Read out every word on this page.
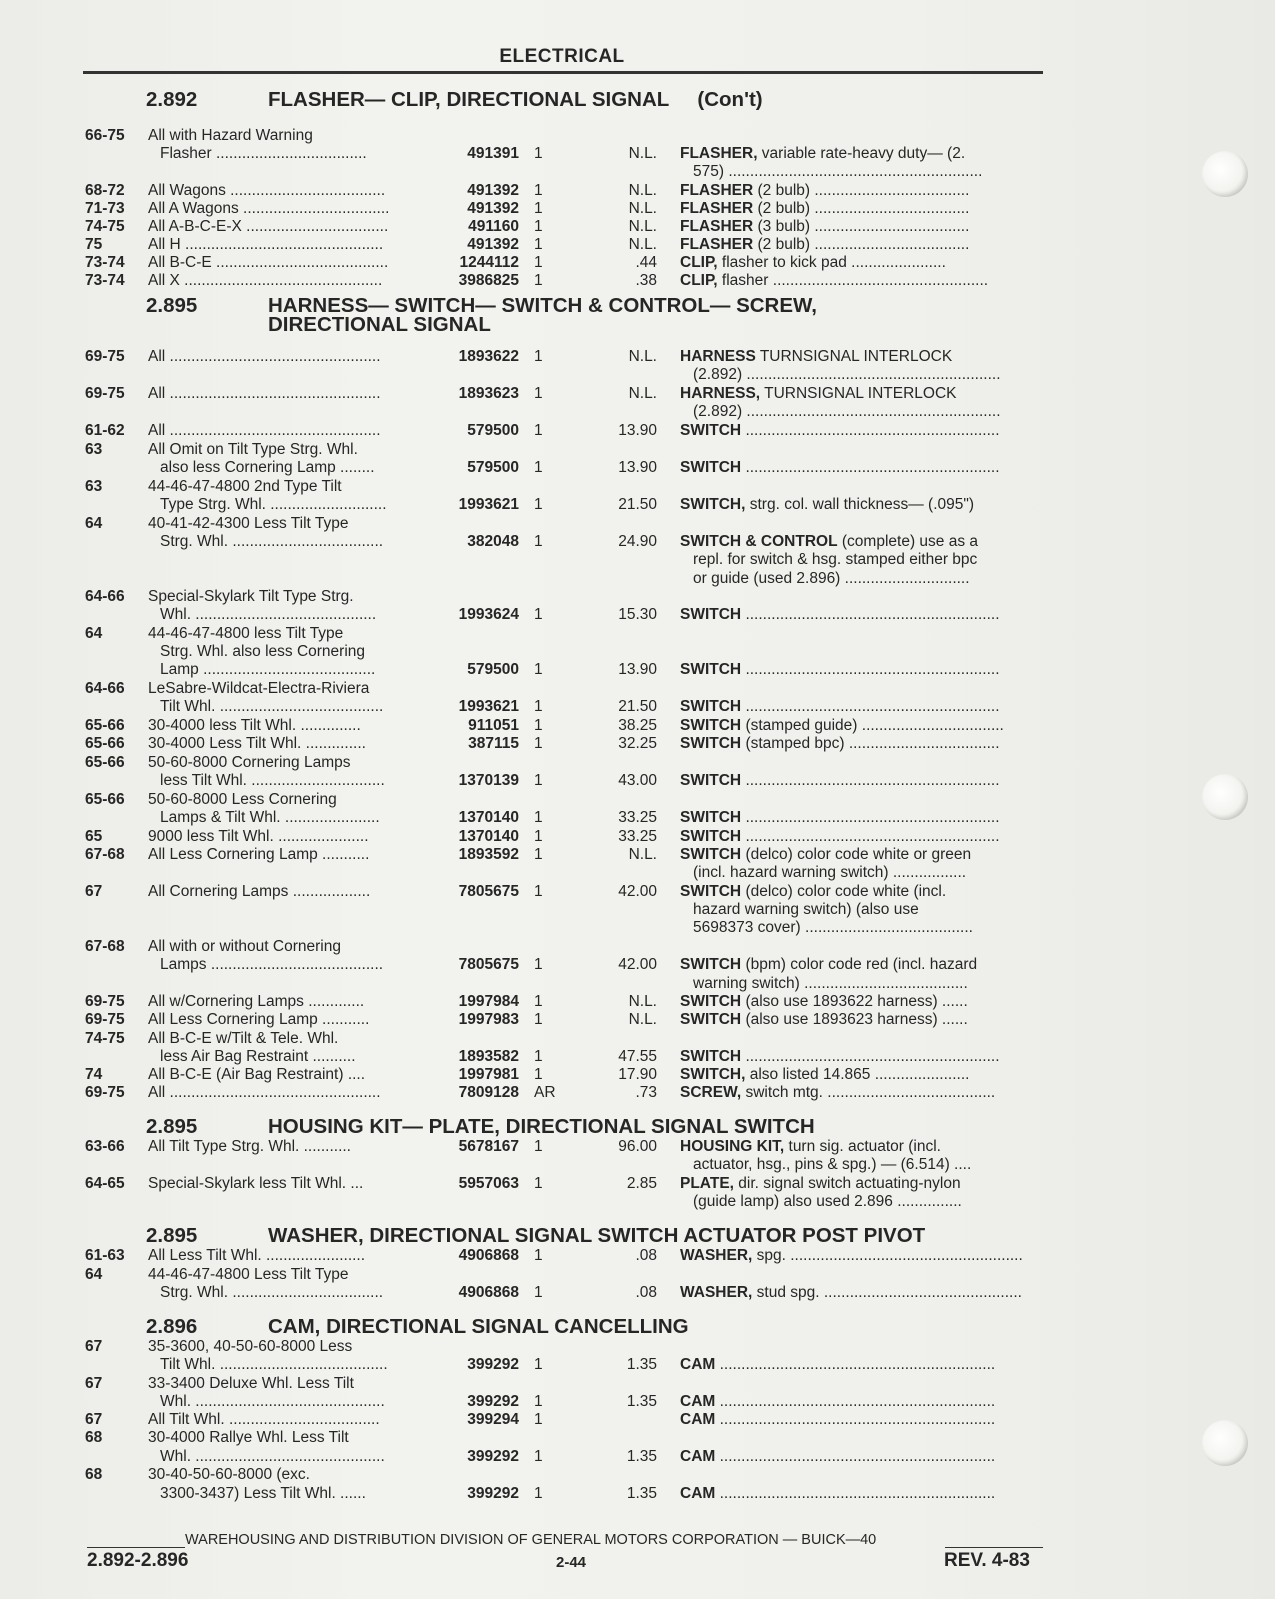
ELECTRICAL
2.892	FLASHER— CLIP, DIRECTIONAL SIGNAL     (Con't)
2.895	HARNESS— SWITCH— SWITCH & CONTROL— SCREW,
DIRECTIONAL SIGNAL
2.895	HOUSING KIT— PLATE, DIRECTIONAL SIGNAL SWITCH
2.895	WASHER, DIRECTIONAL SIGNAL SWITCH ACTUATOR POST PIVOT
2.896	CAM, DIRECTIONAL SIGNAL CANCELLING
66-75 All with Hazard Warning
Flasher ...................................	491391 1	N.L. FLASHER, variable rate-heavy duty— (2.
575) ...........................................................
68-72 All Wagons ....................................	491392 1	N.L. FLASHER (2 bulb) ....................................
71-73 All A Wagons ..................................	491392 1	N.L. FLASHER (2 bulb) ....................................
74-75 All A-B-C-E-X .................................	491160 1	N.L. FLASHER (3 bulb) ....................................
75	All H ..............................................	491392 1	N.L. FLASHER (2 bulb) ....................................
73-74 All B-C-E ........................................	1244112 1	.44 CLIP, flasher to kick pad ......................
73-74 All X ..............................................	3986825 1	.38 CLIP, flasher ..................................................
69-75 All .................................................	1893622 1	N.L. HARNESS TURNSIGNAL INTERLOCK
(2.892) ...........................................................
69-75 All .................................................	1893623 1	N.L. HARNESS, TURNSIGNAL INTERLOCK
(2.892) ...........................................................
61-62 All .................................................	579500 1	13.90 SWITCH ...........................................................
63	All Omit on Tilt Type Strg. Whl.
also less Cornering Lamp ........	579500 1	13.90 SWITCH ...........................................................
63	44-46-47-4800 2nd Type Tilt
Type Strg. Whl. ...........................	1993621 1	21.50 SWITCH, strg. col. wall thickness— (.095")
64	40-41-42-4300 Less Tilt Type
Strg. Whl. ...................................	382048 1	24.90 SWITCH & CONTROL (complete) use as a
repl. for switch & hsg. stamped either bpc
or guide (used 2.896) .............................
64-66 Special-Skylark Tilt Type Strg.
Whl. ..........................................	1993624 1	15.30 SWITCH ...........................................................
64	44-46-47-4800 less Tilt Type
Strg. Whl. also less Cornering
Lamp ........................................	579500 1	13.90 SWITCH ...........................................................
64-66 LeSabre-Wildcat-Electra-Riviera
Tilt Whl. ......................................	1993621 1	21.50 SWITCH ...........................................................
65-66 30-4000 less Tilt Whl. ..............	911051 1	38.25 SWITCH (stamped guide) .................................
65-66 30-4000 Less Tilt Whl. ..............	387115 1	32.25 SWITCH (stamped bpc) ...................................
65-66 50-60-8000 Cornering Lamps
less Tilt Whl. ...............................	1370139 1	43.00 SWITCH ...........................................................
65-66 50-60-8000 Less Cornering
Lamps & Tilt Whl. ......................	1370140 1	33.25 SWITCH ...........................................................
65	9000 less Tilt Whl. .....................	1370140 1	33.25 SWITCH ...........................................................
67-68 All Less Cornering Lamp ...........	1893592 1	N.L. SWITCH (delco) color code white or green
(incl. hazard warning switch) .................
67	All Cornering Lamps ..................	7805675 1	42.00 SWITCH (delco) color code white (incl.
hazard warning switch) (also use
5698373 cover) .......................................
67-68 All with or without Cornering
Lamps ........................................	7805675 1	42.00 SWITCH (bpm) color code red (incl. hazard
warning switch) ......................................
69-75 All w/Cornering Lamps .............	1997984 1	N.L. SWITCH (also use 1893622 harness) ......
69-75 All Less Cornering Lamp ...........	1997983 1	N.L. SWITCH (also use 1893623 harness) ......
74-75 All B-C-E w/Tilt & Tele. Whl.
less Air Bag Restraint ..........	1893582 1	47.55 SWITCH ...........................................................
74	All B-C-E (Air Bag Restraint) ....	1997981 1	17.90 SWITCH, also listed 14.865 ......................
69-75 All .................................................	7809128 AR	.73 SCREW, switch mtg. .......................................
63-66 All Tilt Type Strg. Whl. ...........	5678167 1	96.00 HOUSING KIT, turn sig. actuator (incl.
actuator, hsg., pins & spg.) — (6.514) ....
64-65 Special-Skylark less Tilt Whl. ...	5957063 1	2.85 PLATE, dir. signal switch actuating-nylon
(guide lamp) also used 2.896 ...............
61-63 All Less Tilt Whl. .......................	4906868 1	.08 WASHER, spg. ......................................................
64	44-46-47-4800 Less Tilt Type
Strg. Whl. ...................................	4906868 1	.08 WASHER, stud spg. ..............................................
67	35-3600, 40-50-60-8000 Less
Tilt Whl. .......................................	399292 1	1.35 CAM ................................................................
67	33-3400 Deluxe Whl. Less Tilt
Whl. ............................................	399292 1	1.35 CAM ................................................................
67	All Tilt Whl. ...................................	399294 1	CAM ................................................................
68	30-4000 Rallye Whl. Less Tilt
Whl. ............................................	399292 1	1.35 CAM ................................................................
68	30-40-50-60-8000 (exc.
3300-3437) Less Tilt Whl. ......	399292 1	1.35 CAM ................................................................
WAREHOUSING AND DISTRIBUTION DIVISION OF GENERAL MOTORS CORPORATION — BUICK—40
2.892-2.896	2-44	REV. 4-83
